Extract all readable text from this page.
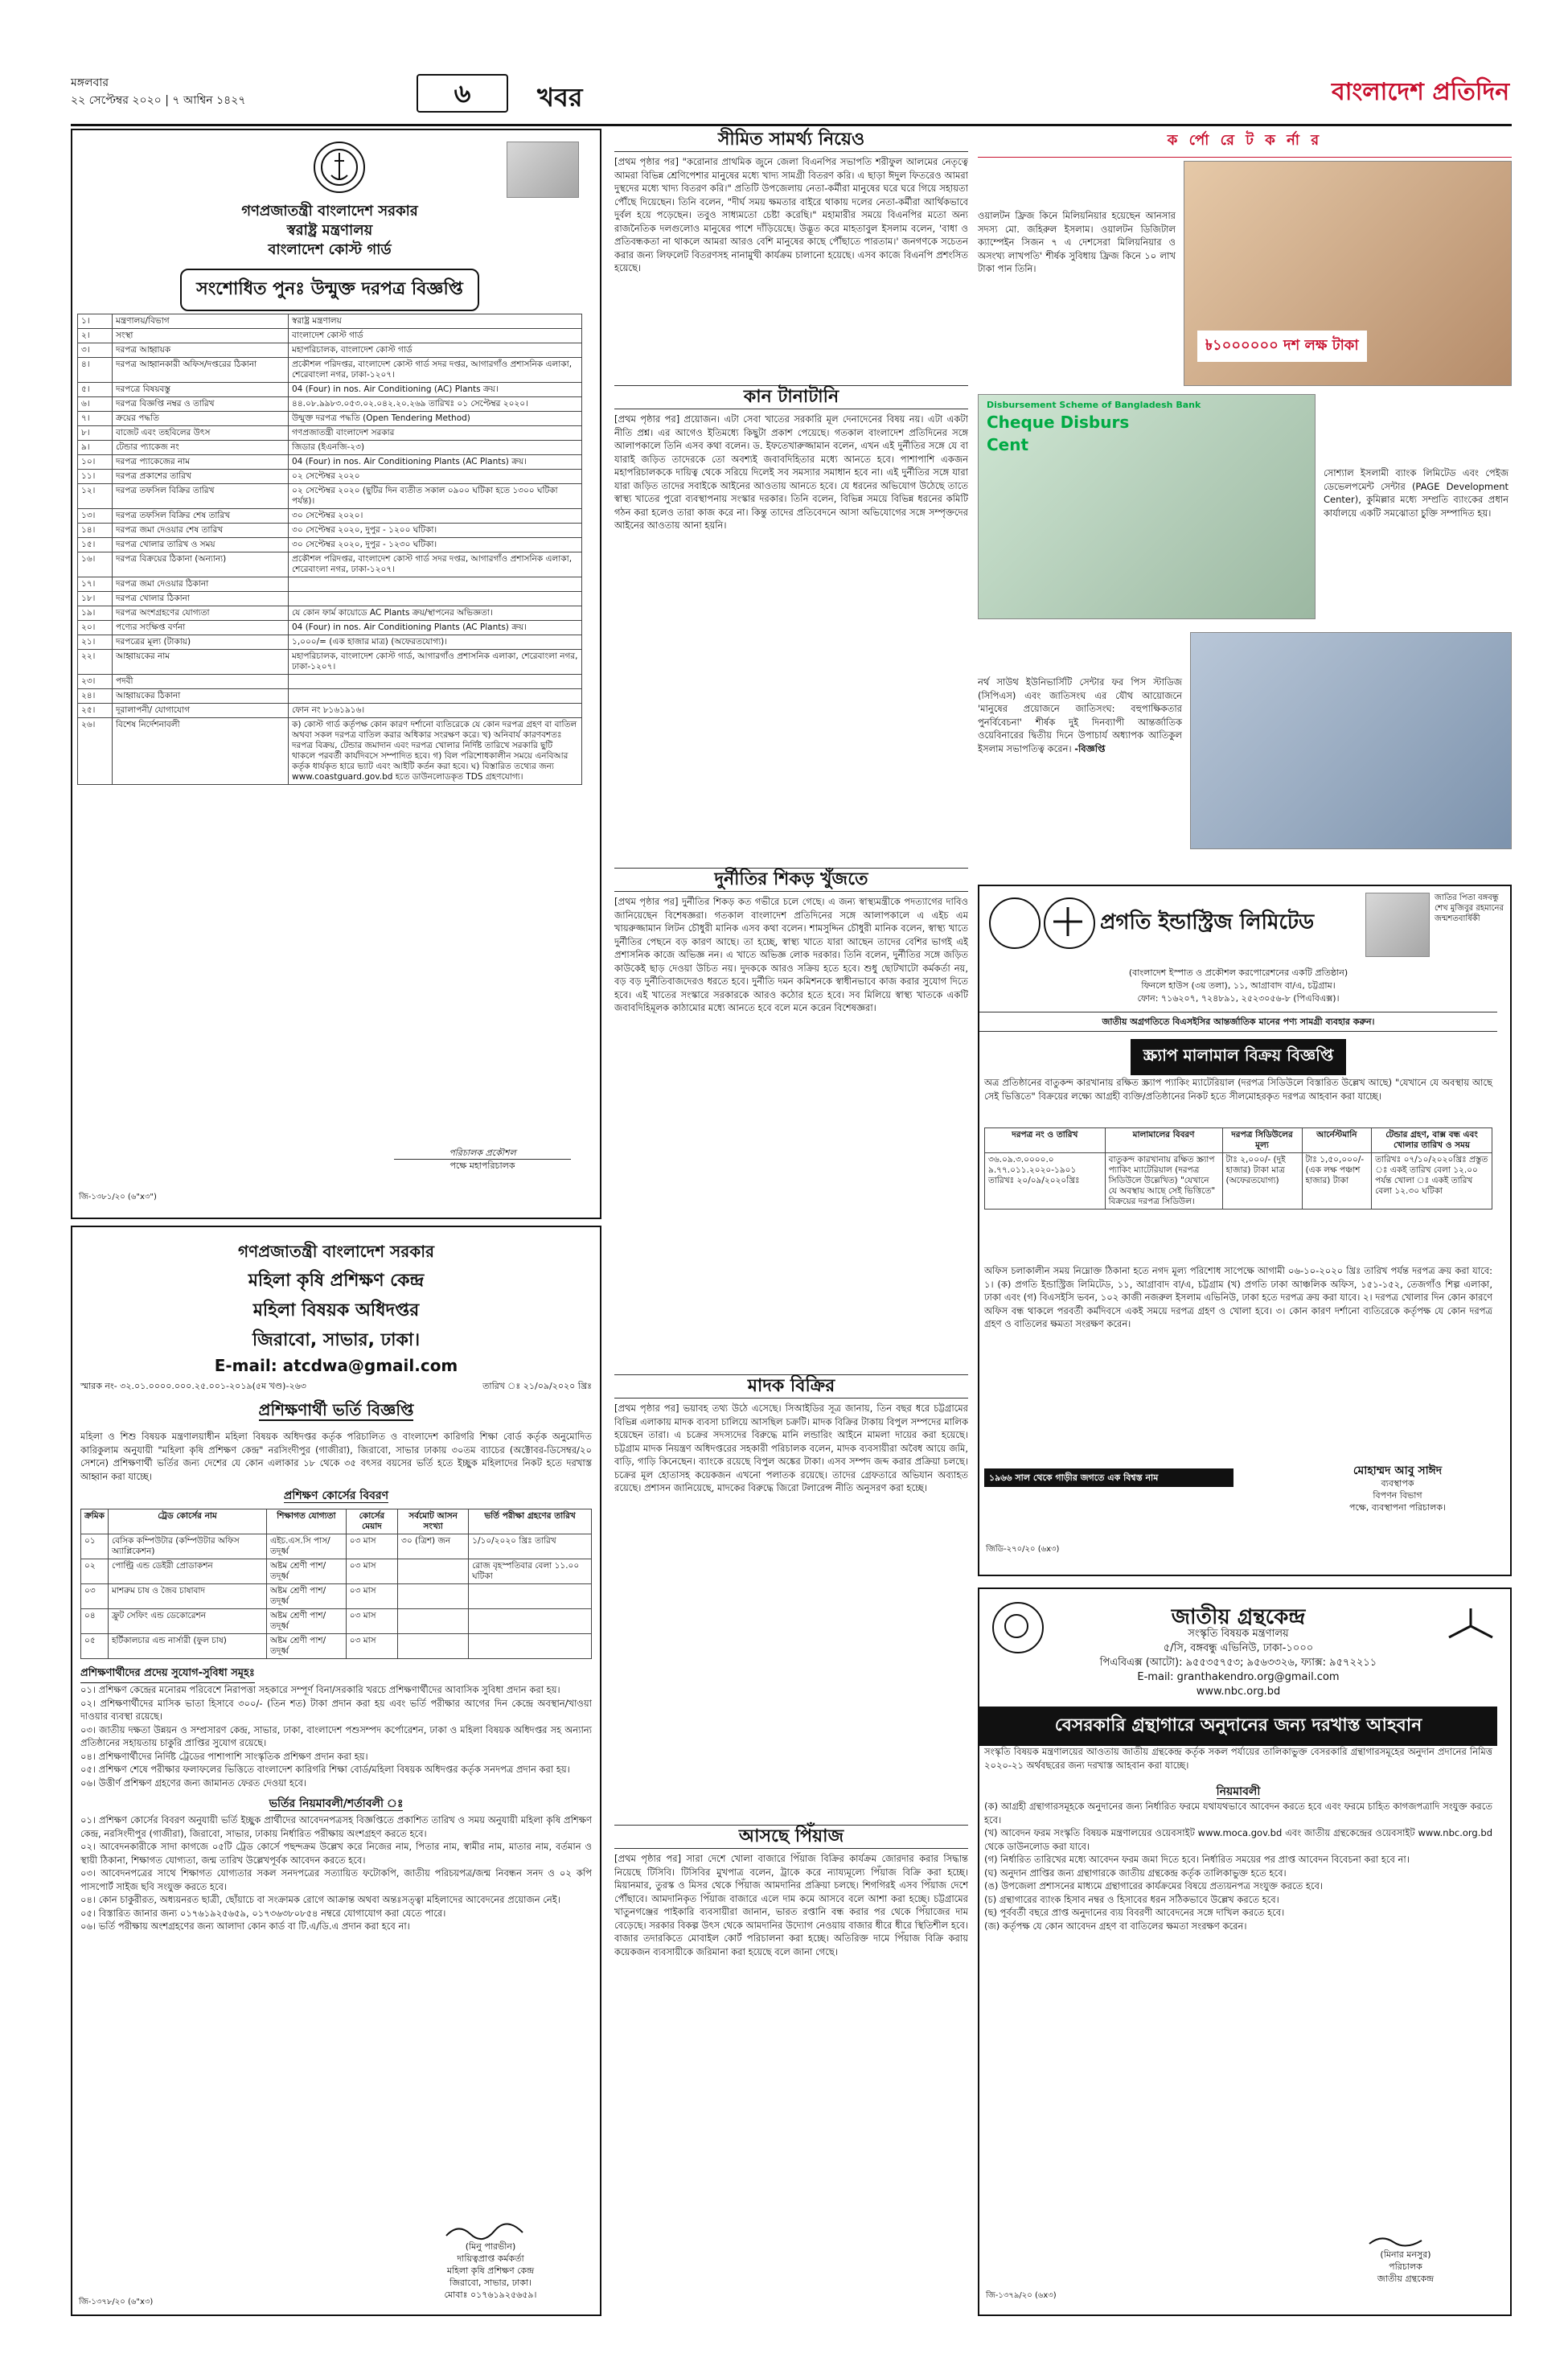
মঙ্গলবার
২২ সেপ্টেম্বর ২০২০ | ৭ আশ্বিন ১৪২৭	৬	খবর	বাংলাদেশ প্রতিদিন
গণপ্রজাতন্ত্রী বাংলাদেশ সরকার
স্বরাষ্ট্র মন্ত্রণালয়
বাংলাদেশ কোস্ট গার্ড
সংশোধিত পুনঃ উন্মুক্ত দরপত্র বিজ্ঞপ্তি
১।	মন্ত্রণালয়/বিভাগ	স্বরাষ্ট্র মন্ত্রণালয়
২।	সংস্থা	বাংলাদেশ কোস্ট গার্ড
৩।	দরপত্র আহ্বায়ক	মহাপরিচালক, বাংলাদেশ কোস্ট গার্ড
৪।	দরপত্র আহ্বানকারী অফিস/দপ্তরের ঠিকানা	প্রকৌশল পরিদপ্তর, বাংলাদেশ কোস্ট গার্ড সদর দপ্তর, আগারগাঁও প্রশাসনিক এলাকা, শেরেবাংলা নগর, ঢাকা-১২০৭।
৫।	দরপত্রে বিষয়বস্তু	04 (Four) in nos. Air Conditioning (AC) Plants ক্রয়।
৬।	দরপত্র বিজ্ঞপ্তি নম্বর ও তারিখ	৪৪.০৮.৯৯৮৩.০৫৩.০২.০৪২.২০.২৬৯ তারিখঃ ০১ সেপ্টেম্বর ২০২০।
৭।	ক্রয়ের পদ্ধতি	উন্মুক্ত দরপত্র পদ্ধতি (Open Tendering Method)
৮।	বাজেট এবং তহবিলের উৎস	গণপ্রজাতন্ত্রী বাংলাদেশ সরকার
৯।	টেন্ডার প্যাকেজ নং	জিডার (ইএনজি-২৩)
১০।	দরপত্র প্যাকেজের নাম	04 (Four) in nos. Air Conditioning Plants (AC Plants) ক্রয়।
১১।	দরপত্র প্রকাশের তারিখ	০২ সেপ্টেম্বর ২০২০
১২।	দরপত্র তফসিল বিক্রির তারিখ	০২ সেপ্টেম্বর ২০২০ (ছুটির দিন ব্যতীত সকাল ০৯০০ ঘটিকা হতে ১৩০০ ঘটিকা পর্যন্ত)।
১৩।	দরপত্র তফসিল বিক্রির শেষ তারিখ	৩০ সেপ্টেম্বর ২০২০।
১৪।	দরপত্র জমা দেওয়ার শেষ তারিখ	৩০ সেপ্টেম্বর ২০২০, দুপুর - ১২০০ ঘটিকা।
১৫।	দরপত্র খোলার তারিখ ও সময়	৩০ সেপ্টেম্বর ২০২০, দুপুর - ১২৩০ ঘটিকা।
১৬।	দরপত্র বিক্রয়ের ঠিকানা (অন্যান্য)	প্রকৌশল পরিদপ্তর, বাংলাদেশ কোস্ট গার্ড সদর দপ্তর, আগারগাঁও প্রশাসনিক এলাকা, শেরেবাংলা নগর, ঢাকা-১২০৭।
১৭।	দরপত্র জমা দেওয়ার ঠিকানা	
১৮।	দরপত্র খোলার ঠিকানা	
১৯।	দরপত্র অংশগ্রহণের যোগ্যতা	যে কোন ফার্ম কায়োডে AC Plants ক্রয়/স্থাপনের অভিজ্ঞতা।
২০।	পণ্যের সংক্ষিপ্ত বর্ণনা	04 (Four) in nos. Air Conditioning Plants (AC Plants) ক্রয়।
২১।	দরপত্রের মূল্য (টাকায়)	১,০০০/= (এক হাজার মাত্র) (অফেরতযোগ্য)।
২২।	আহ্বায়কের নাম	মহাপরিচালক, বাংলাদেশ কোস্ট গার্ড, আগারগাঁও প্রশাসনিক এলাকা, শেরেবাংলা নগর, ঢাকা-১২০৭।
২৩।	পদবী	
২৪।	আহ্বায়কের ঠিকানা	
২৫।	দূরালাপনী/ যোগাযোগ	ফোন নং ৮১৬১৯১৬।
২৬।	বিশেষ নির্দেশনাবলী	ক) কোস্ট গার্ড কর্তৃপক্ষ কোন কারণ দর্শানো ব্যতিরেকে যে কোন দরপত্র গ্রহণ বা বাতিল অথবা সকল দরপত্র বাতিল করার অধিকার সংরক্ষণ করে। খ) অনিবার্য কারণবশতঃ দরপত্র বিক্রয়, টেন্ডার জমাদান এবং দরপত্র খোলার নির্দিষ্ট তারিখে সরকারি ছুটি থাকলে পরবর্তী কার্যদিবসে সম্পাদিত হবে। গ) বিল পরিশোধকালীন সময়ে এনবিআর কর্তৃক ধার্যকৃত হারে ভ্যাট এবং আইটি কর্তন করা হবে। ঘ) বিস্তারিত তথ্যের জন্য www.coastguard.gov.bd হতে ডাউনলোডকৃত TDS গ্রহণযোগ্য।
পরিচালক প্রকৌশল
পক্ষে মহাপরিচালক
জি-১৩৮১/২০ (৬"x৩")
গণপ্রজাতন্ত্রী বাংলাদেশ সরকার
মহিলা কৃষি প্রশিক্ষণ কেন্দ্র
মহিলা বিষয়ক অধিদপ্তর
জিরাবো, সাভার, ঢাকা।
E-mail: atcdwa@gmail.com
স্মারক নং- ৩২.০১.০০০০.০০০.২৫.০০১-২০১৯(৫ম খণ্ড)-২৬৩	তারিখ ঃ ২১/০৯/২০২০ খ্রিঃ
প্রশিক্ষণার্থী ভর্তি বিজ্ঞপ্তি
মহিলা ও শিশু বিষয়ক মন্ত্রণালয়াধীন মহিলা বিষয়ক অধিদপ্তর কর্তৃক পরিচালিত ও বাংলাদেশ কারিগরি শিক্ষা বোর্ড কর্তৃক অনুমোদিত কারিকুলাম অনুযায়ী "মহিলা কৃষি প্রশিক্ষণ কেন্দ্র" নরসিংদীপুর (গাজীরা), জিরাবো, সাভার ঢাকায় ৩০তম ব্যাচের (অক্টোবর-ডিসেম্বর/২০ সেশনে) প্রশিক্ষণার্থী ভর্তির জন্য দেশের যে কোন এলাকার ১৮ থেকে ৩৫ বৎসর বয়সের ভর্তি হতে ইচ্ছুক মহিলাদের নিকট হতে দরখাস্ত আহ্বান করা যাচ্ছে।
প্রশিক্ষণ কোর্সের বিবরণ
ক্রমিক	ট্রেড কোর্সের নাম	শিক্ষাগত যোগ্যতা	কোর্সের মেয়াদ	সর্বমোট আসন সংখ্যা	ভর্তি পরীক্ষা গ্রহণের তারিখ
০১	বেসিক কম্পিউটার (কম্পিউটার অফিস অ্যাপ্লিকেশন)	এইচ.এস.সি পাস/তদূর্ধ্ব	০৩ মাস	৩০ (ত্রিশ) জন	১/১০/২০২০ খ্রিঃ তারিখ
০২	পোল্ট্রি এন্ড ডেইরী প্রোডাকশন	অষ্টম শ্রেণী পাশ/তদূর্ধ্ব	০৩ মাস		রোজ বৃহস্পতিবার বেলা ১১.০০ ঘটিকা
০৩	মাশরুম চাষ ও জৈব চাষাবাদ	অষ্টম শ্রেণী পাশ/তদূর্ধ্ব	০৩ মাস		
০৪	ফ্রুট সেফিং এন্ড ডেকোরেশন	অষ্টম শ্রেণী পাশ/তদূর্ধ্ব	০৩ মাস		
০৫	হর্টিকালচার এন্ড নার্সারী (ফুল চাষ)	অষ্টম শ্রেণী পাশ/তদূর্ধ্ব	০৩ মাস		
প্রশিক্ষণার্থীদের প্রদেয় সুযোগ-সুবিধা সমূহঃ
০১। প্রশিক্ষণ কেন্দ্রের মনোরম পরিবেশে নিরাপত্তা সহকারে সম্পূর্ণ বিনা/সরকারি খরচে প্রশিক্ষণার্থীদের আবাসিক সুবিধা প্রদান করা হয়।
০২। প্রশিক্ষণার্থীদের মাসিক ভাতা হিসাবে ৩০০/- (তিন শত) টাকা প্রদান করা হয় এবং ভর্তি পরীক্ষার আগের দিন কেন্দ্রে অবস্থান/খাওয়া দাওয়ার ব্যবস্থা রয়েছে।
০৩। জাতীয় দক্ষতা উন্নয়ন ও সম্প্রসারণ কেন্দ্র, সাভার, ঢাকা, বাংলাদেশ পশুসম্পদ কর্পোরেশন, ঢাকা ও মহিলা বিষয়ক অধিদপ্তর সহ অন্যান্য প্রতিষ্ঠানের সহায়তায় চাকুরি প্রাপ্তির সুযোগ রয়েছে।
০৪। প্রশিক্ষণার্থীদের নির্দিষ্ট ট্রেডের পাশাপাশি সাংস্কৃতিক প্রশিক্ষণ প্রদান করা হয়।
০৫। প্রশিক্ষণ শেষে পরীক্ষার ফলাফলের ভিত্তিতে বাংলাদেশ কারিগরি শিক্ষা বোর্ড/মহিলা বিষয়ক অধিদপ্তর কর্তৃক সনদপত্র প্রদান করা হয়।
০৬। উত্তীর্ণ প্রশিক্ষণ গ্রহণের জন্য জামানত ফেরত দেওয়া হবে।
ভর্তির নিয়মাবলী/শর্তাবলী ঃ
০১। প্রশিক্ষণ কোর্সের বিবরণ অনুযায়ী ভর্তি ইচ্ছুক প্রার্থীদের আবেদনপত্রসহ বিজ্ঞপ্তিতে প্রকাশিত তারিখ ও সময় অনুযায়ী মহিলা কৃষি প্রশিক্ষণ কেন্দ্র, নরসিংদীপুর (গাজীরা), জিরাবো, সাভার, ঢাকায় নির্ধারিত পরীক্ষায় অংশগ্রহণ করতে হবে।
০২। আবেদনকারীকে সাদা কাগজে ০৫টি ট্রেড কোর্সে পছন্দক্রম উল্লেখ করে নিজের নাম, পিতার নাম, স্বামীর নাম, মাতার নাম, বর্তমান ও স্থায়ী ঠিকানা, শিক্ষাগত যোগ্যতা, জন্ম তারিখ উল্লেখপূর্বক আবেদন করতে হবে।
০৩। আবেদনপত্রের সাথে শিক্ষাগত যোগ্যতার সকল সনদপত্রের সত্যায়িত ফটোকপি, জাতীয় পরিচয়পত্র/জন্ম নিবন্ধন সনদ ও ০২ কপি পাসপোর্ট সাইজ ছবি সংযুক্ত করতে হবে।
০৪। কোন চাকুরীরত, অধ্যয়নরত ছাত্রী, ছোঁয়াচে বা সংক্রামক রোগে আক্রান্ত অথবা অন্তঃসত্ত্বা মহিলাদের আবেদনের প্রয়োজন নেই।
০৫। বিস্তারিত জানার জন্য ০১৭৬১৯২৫৬৫৯, ০১৭৩৬৩৮০৮৫৪ নম্বরে যোগাযোগ করা যেতে পারে।
০৬। ভর্তি পরীক্ষায় অংশগ্রহণের জন্য আলাদা কোন কার্ড বা টি.এ/ডি.এ প্রদান করা হবে না।
(মিনু পারভীন)
দায়িত্বপ্রাপ্ত কর্মকর্তা
মহিলা কৃষি প্রশিক্ষণ কেন্দ্র
জিরাবো, সাভার, ঢাকা।
মোবাঃ ০১৭৬১৯২৫৬৫৯।
জি-১৩৭৮/২০ (৬"x৩)
সীমিত সামর্থ্য নিয়েও
[প্রথম পৃষ্ঠার পর] "করোনার প্রাথমিক জুনে জেলা বিএনপির সভাপতি শরীফুল আলমের নেতৃত্বে আমরা বিভিন্ন শ্রেণিপেশার মানুষের মধ্যে খাদ্য সামগ্রী বিতরণ করি। এ ছাড়া ঈদুল ফিতরেও আমরা দুস্থদের মধ্যে খাদ্য বিতরণ করি।" প্রতিটি উপজেলায় নেতা-কর্মীরা মানুষের ঘরে ঘরে গিয়ে সহায়তা পৌঁছে দিয়েছেন। তিনি বলেন, "দীর্ঘ সময় ক্ষমতার বাইরে থাকায় দলের নেতা-কর্মীরা আর্থিকভাবে দুর্বল হয়ে পড়েছেন। তবুও সাধ্যমতো চেষ্টা করেছি।" মহামারীর সময়ে বিএনপির মতো অন্য রাজনৈতিক দলগুলোও মানুষের পাশে দাঁড়িয়েছে। উদ্ভূত করে মাহতাবুল ইসলাম বলেন, 'বাধা ও প্রতিবন্ধকতা না থাকলে আমরা আরও বেশি মানুষের কাছে পৌঁছাতে পারতাম।' জনগণকে সচেতন করার জন্য লিফলেট বিতরণসহ নানামুখী কার্যক্রম চালানো হয়েছে। এসব কাজে বিএনপি প্রশংসিত হয়েছে।
কান টানাটানি
[প্রথম পৃষ্ঠার পর] প্রয়োজন। এটা সেবা খাতের সরকারি মূল দেনাদেনের বিষয় নয়। এটা একটা নীতি প্রশ্ন। এর আগেও ইতিমধ্যে কিছুটা প্রকাশ পেয়েছে। গতকাল বাংলাদেশ প্রতিদিনের সঙ্গে আলাপকালে তিনি এসব কথা বলেন। ড. ইফতেখারুজ্জামান বলেন, এখন এই দুর্নীতির সঙ্গে যে বা যারাই জড়িত তাদেরকে তো অবশ্যই জবাবদিহিতার মধ্যে আনতে হবে। পাশাপাশি একজন মহাপরিচালককে দায়িত্ব থেকে সরিয়ে দিলেই সব সমস্যার সমাধান হবে না। এই দুর্নীতির সঙ্গে যারা যারা জড়িত তাদের সবাইকে আইনের আওতায় আনতে হবে। যে ধরনের অভিযোগ উঠেছে তাতে স্বাস্থ্য খাতের পুরো ব্যবস্থাপনায় সংস্কার দরকার। তিনি বলেন, বিভিন্ন সময়ে বিভিন্ন ধরনের কমিটি গঠন করা হলেও তারা কাজ করে না। কিন্তু তাদের প্রতিবেদনে আসা অভিযোগের সঙ্গে সম্পৃক্তদের আইনের আওতায় আনা হয়নি।
দুর্নীতির শিকড় খুঁজতে
[প্রথম পৃষ্ঠার পর] দুর্নীতির শিকড় কত গভীরে চলে গেছে। এ জন্য স্বাস্থ্যমন্ত্রীকে পদত্যাগের দাবিও জানিয়েছেন বিশেষজ্ঞরা। গতকাল বাংলাদেশ প্রতিদিনের সঙ্গে আলাপকালে এ এইচ এম খায়রুজ্জামান লিটন চৌধুরী মানিক এসব কথা বলেন। শামসুদ্দিন চৌধুরী মানিক বলেন, স্বাস্থ্য খাতে দুর্নীতির পেছনে বড় কারণ আছে। তা হচ্ছে, স্বাস্থ্য খাতে যারা আছেন তাদের বেশির ভাগই এই প্রশাসনিক কাজে অভিজ্ঞ নন। এ খাতে অভিজ্ঞ লোক দরকার। তিনি বলেন, দুর্নীতির সঙ্গে জড়িত কাউকেই ছাড় দেওয়া উচিত নয়। দুদককে আরও সক্রিয় হতে হবে। শুধু ছোটখাটো কর্মকর্তা নয়, বড় বড় দুর্নীতিবাজদেরও ধরতে হবে। দুর্নীতি দমন কমিশনকে স্বাধীনভাবে কাজ করার সুযোগ দিতে হবে। এই খাতের সংস্কারে সরকারকে আরও কঠোর হতে হবে। সব মিলিয়ে স্বাস্থ্য খাতকে একটি জবাবদিহিমূলক কাঠামোর মধ্যে আনতে হবে বলে মনে করেন বিশেষজ্ঞরা।
মাদক বিক্রির
[প্রথম পৃষ্ঠার পর] ভয়াবহ তথ্য উঠে এসেছে। সিআইডির সূত্র জানায়, তিন বছর ধরে চট্টগ্রামের বিভিন্ন এলাকায় মাদক ব্যবসা চালিয়ে আসছিল চক্রটি। মাদক বিক্রির টাকায় বিপুল সম্পদের মালিক হয়েছেন তারা। এ চক্রের সদস্যদের বিরুদ্ধে মানি লন্ডারিং আইনে মামলা দায়ের করা হয়েছে। চট্টগ্রাম মাদক নিয়ন্ত্রণ অধিদপ্তরের সহকারী পরিচালক বলেন, মাদক ব্যবসায়ীরা অবৈধ আয়ে জমি, বাড়ি, গাড়ি কিনেছেন। ব্যাংকে রয়েছে বিপুল অঙ্কের টাকা। এসব সম্পদ জব্দ করার প্রক্রিয়া চলছে। চক্রের মূল হোতাসহ কয়েকজন এখনো পলাতক রয়েছে। তাদের গ্রেফতারে অভিযান অব্যাহত রয়েছে। প্রশাসন জানিয়েছে, মাদকের বিরুদ্ধে জিরো টলারেন্স নীতি অনুসরণ করা হচ্ছে।
আসছে পিঁয়াজ
[প্রথম পৃষ্ঠার পর] সারা দেশে খোলা বাজারে পিঁয়াজ বিক্রির কার্যক্রম জোরদার করার সিদ্ধান্ত নিয়েছে টিসিবি। টিসিবির মুখপাত্র বলেন, ট্রাকে করে ন্যায্যমূল্যে পিঁয়াজ বিক্রি করা হচ্ছে। মিয়ানমার, তুরস্ক ও মিসর থেকে পিঁয়াজ আমদানির প্রক্রিয়া চলছে। শিগগিরই এসব পিঁয়াজ দেশে পৌঁছাবে। আমদানিকৃত পিঁয়াজ বাজারে এলে দাম কমে আসবে বলে আশা করা হচ্ছে। চট্টগ্রামের খাতুনগঞ্জের পাইকারি ব্যবসায়ীরা জানান, ভারত রপ্তানি বন্ধ করার পর থেকে পিঁয়াজের দাম বেড়েছে। সরকার বিকল্প উৎস থেকে আমদানির উদ্যোগ নেওয়ায় বাজার ধীরে ধীরে স্থিতিশীল হবে। বাজার তদারকিতে মোবাইল কোর্ট পরিচালনা করা হচ্ছে। অতিরিক্ত দামে পিঁয়াজ বিক্রি করায় কয়েকজন ব্যবসায়ীকে জরিমানা করা হয়েছে বলে জানা গেছে।
ক র্পো রে ট ক র্না র
৳১০০০০০০ দশ লক্ষ টাকা
ওয়ালটন ফ্রিজ কিনে মিলিয়নিয়ার হয়েছেন আনসার সদস্য মো. জহিরুল ইসলাম। ওয়ালটন ডিজিটাল ক্যাম্পেইন সিজন ৭ এ দেশসেরা মিলিয়নিয়ার ও অসংখ্য লাখপতি' শীর্ষক সুবিধায় ফ্রিজ কিনে ১০ লাখ টাকা পান তিনি।
Disbursement Scheme of Bangladesh Bank
Cheque Disburs
Cent
সোশ্যাল ইসলামী ব্যাংক লিমিটেড এবং পেইজ ডেভেলপমেন্ট সেন্টার (PAGE Development Center), কুমিল্লার মধ্যে সম্প্রতি ব্যাংকের প্রধান কার্যালয়ে একটি সমঝোতা চুক্তি সম্পাদিত হয়।
নর্থ সাউথ ইউনিভার্সিটি সেন্টার ফর পিস স্টাডিজ (সিপিএস) এবং জাতিসংঘ এর যৌথ আয়োজনে 'মানুষের প্রয়োজনে জাতিসংঘ: বহুপাক্ষিকতার পুনর্বিবেচনা' শীর্ষক দুই দিনব্যাপী আন্তর্জাতিক ওয়েবিনারের দ্বিতীয় দিনে উপাচার্য অধ্যাপক আতিকুল ইসলাম সভাপতিত্ব করেন। -বিজ্ঞপ্তি
প্রগতি ইন্ডাস্ট্রিজ লিমিটেড
জাতির পিতা বঙ্গবন্ধু শেখ মুজিবুর রহমানের জন্মশতবার্ষিকী
(বাংলাদেশ ইস্পাত ও প্রকৌশল করপোরেশনের একটি প্রতিষ্ঠান)
ফিনলে হাউস (৩য় তলা), ১১, আগ্রাবাদ বা/এ, চট্টগ্রাম।
ফোন: ৭১৬২০৭, ৭২৪৮৯১, ২৫২৩০৫৬-৮ (পিএবিএক্স)।
জাতীয় অগ্রগতিতে বিএসইসির আন্তর্জাতিক মানের পণ্য সামগ্রী ব্যবহার করুন।
স্ক্র্যাপ মালামাল বিক্রয় বিজ্ঞপ্তি
অত্র প্রতিষ্ঠানের বাতুকন্দ কারখানায় রক্ষিত স্ক্র্যাপ প্যাকিং ম্যাটেরিয়াল (দরপত্র সিডিউলে বিস্তারিত উল্লেখ আছে) "যেখানে যে অবস্থায় আছে সেই ভিত্তিতে" বিক্রয়ের লক্ষ্যে আগ্রহী ব্যক্তি/প্রতিষ্ঠানের নিকট হতে সীলমোহরকৃত দরপত্র আহবান করা যাচ্ছে।
দরপত্র নং ও তারিখ	মালামালের বিবরণ	দরপত্র সিডিউলের মূল্য	আর্নেস্টমানি	টেন্ডার গ্রহণ, বাক্স বন্ধ এবং খোলার তারিখ ও সময়
৩৬.০৯.৩.০০০০.০ ৯.৭৭.০১১.২০২০-১৯০১ তারিখঃ ২০/০৯/২০২০খ্রিঃ	বাতুকন্দ কারখানায় রক্ষিত স্ক্র্যাপ প্যাকিং ম্যাটেরিয়াল (দরপত্র সিডিউলে উল্লেখিত) "যেখানে যে অবস্থায় আছে সেই ভিত্তিতে" বিক্রয়ের দরপত্র সিডিউল।	টাঃ ২,০০০/- (দুই হাজার) টাকা মাত্র (অফেরতযোগ্য)	টাঃ ১,৫০,০০০/- (এক লক্ষ পঞ্চাশ হাজার) টাকা	তারিখঃ ০৭/১০/২০২০খ্রিঃ প্রস্তুত ঃ একই তারিখ বেলা ১২.০০ পর্যন্ত খোলা ঃ একই তারিখ বেলা ১২.৩০ ঘটিকা
অফিস চলাকালীন সময় নিম্নোক্ত ঠিকানা হতে নগদ মূল্য পরিশোধ সাপেক্ষে আগামী ০৬-১০-২০২০ খ্রিঃ তারিখ পর্যন্ত দরপত্র ক্রয় করা যাবে: ১। (ক) প্রগতি ইন্ডাস্ট্রিজ লিমিটেড, ১১, আগ্রাবাদ বা/এ, চট্টগ্রাম (খ) প্রগতি ঢাকা আঞ্চলিক অফিস, ১৫১-১৫২, তেজগাঁও শিল্প এলাকা, ঢাকা এবং (গ) বিএসইসি ভবন, ১০২ কাজী নজরুল ইসলাম এভিনিউ, ঢাকা হতে দরপত্র ক্রয় করা যাবে। ২। দরপত্র খোলার দিন কোন কারণে অফিস বন্ধ থাকলে পরবর্তী কর্মদিবসে একই সময়ে দরপত্র গ্রহণ ও খোলা হবে। ৩। কোন কারণ দর্শানো ব্যতিরেকে কর্তৃপক্ষ যে কোন দরপত্র গ্রহণ ও বাতিলের ক্ষমতা সংরক্ষণ করেন।
১৯৬৬ সাল থেকে গাড়ীর জগতে এক বিশ্বস্ত নাম
মোহাম্মদ আবু সাঈদ
ব্যবস্থাপক
বিপণন বিভাগ
পক্ষে, ব্যবস্থাপনা পরিচালক।
জিডি-২৭০/২০ (৬x৩)
জাতীয় গ্রন্থকেন্দ্র
সংস্কৃতি বিষয়ক মন্ত্রণালয়
৫/সি, বঙ্গবন্ধু এভিনিউ, ঢাকা-১০০০
পিএবিএক্স (আটো): ৯৫৫৩৫৭৫৩; ৯৫৬৩৩২৬, ফ্যাক্স: ৯৫৭২২১১
E-mail: granthakendro.org@gmail.com
www.nbc.org.bd
বেসরকারি গ্রন্থাগারে অনুদানের জন্য দরখাস্ত আহবান
সংস্কৃতি বিষয়ক মন্ত্রণালয়ের আওতায় জাতীয় গ্রন্থকেন্দ্র কর্তৃক সকল পর্যায়ের তালিকাভুক্ত বেসরকারি গ্রন্থাগারসমূহের অনুদান প্রদানের নিমিত্ত ২০২০-২১ অর্থবছরের জন্য দরখাস্ত আহবান করা যাচ্ছে।
নিয়মাবলী
(ক) আগ্রহী গ্রন্থাগারসমূহকে অনুদানের জন্য নির্ধারিত ফরমে যথাযথভাবে আবেদন করতে হবে এবং ফরমে চাহিত কাগজপত্রাদি সংযুক্ত করতে হবে।
(খ) আবেদন ফরম সংস্কৃতি বিষয়ক মন্ত্রণালয়ের ওয়েবসাইট www.moca.gov.bd এবং জাতীয় গ্রন্থকেন্দ্রের ওয়েবসাইট www.nbc.org.bd থেকে ডাউনলোড করা যাবে।
(গ) নির্ধারিত তারিখের মধ্যে আবেদন ফরম জমা দিতে হবে। নির্ধারিত সময়ের পর প্রাপ্ত আবেদন বিবেচনা করা হবে না।
(ঘ) অনুদান প্রাপ্তির জন্য গ্রন্থাগারকে জাতীয় গ্রন্থকেন্দ্র কর্তৃক তালিকাভুক্ত হতে হবে।
(ঙ) উপজেলা প্রশাসনের মাধ্যমে গ্রন্থাগারের কার্যক্রমের বিষয়ে প্রত্যয়নপত্র সংযুক্ত করতে হবে।
(চ) গ্রন্থাগারের ব্যাংক হিসাব নম্বর ও হিসাবের ধরন সঠিকভাবে উল্লেখ করতে হবে।
(ছ) পূর্ববর্তী বছরে প্রাপ্ত অনুদানের ব্যয় বিবরণী আবেদনের সঙ্গে দাখিল করতে হবে।
(জ) কর্তৃপক্ষ যে কোন আবেদন গ্রহণ বা বাতিলের ক্ষমতা সংরক্ষণ করেন।
(মিনার মনসুর)
পরিচালক
জাতীয় গ্রন্থকেন্দ্র
জি-১৩৭৯/২০ (৬x৩)
